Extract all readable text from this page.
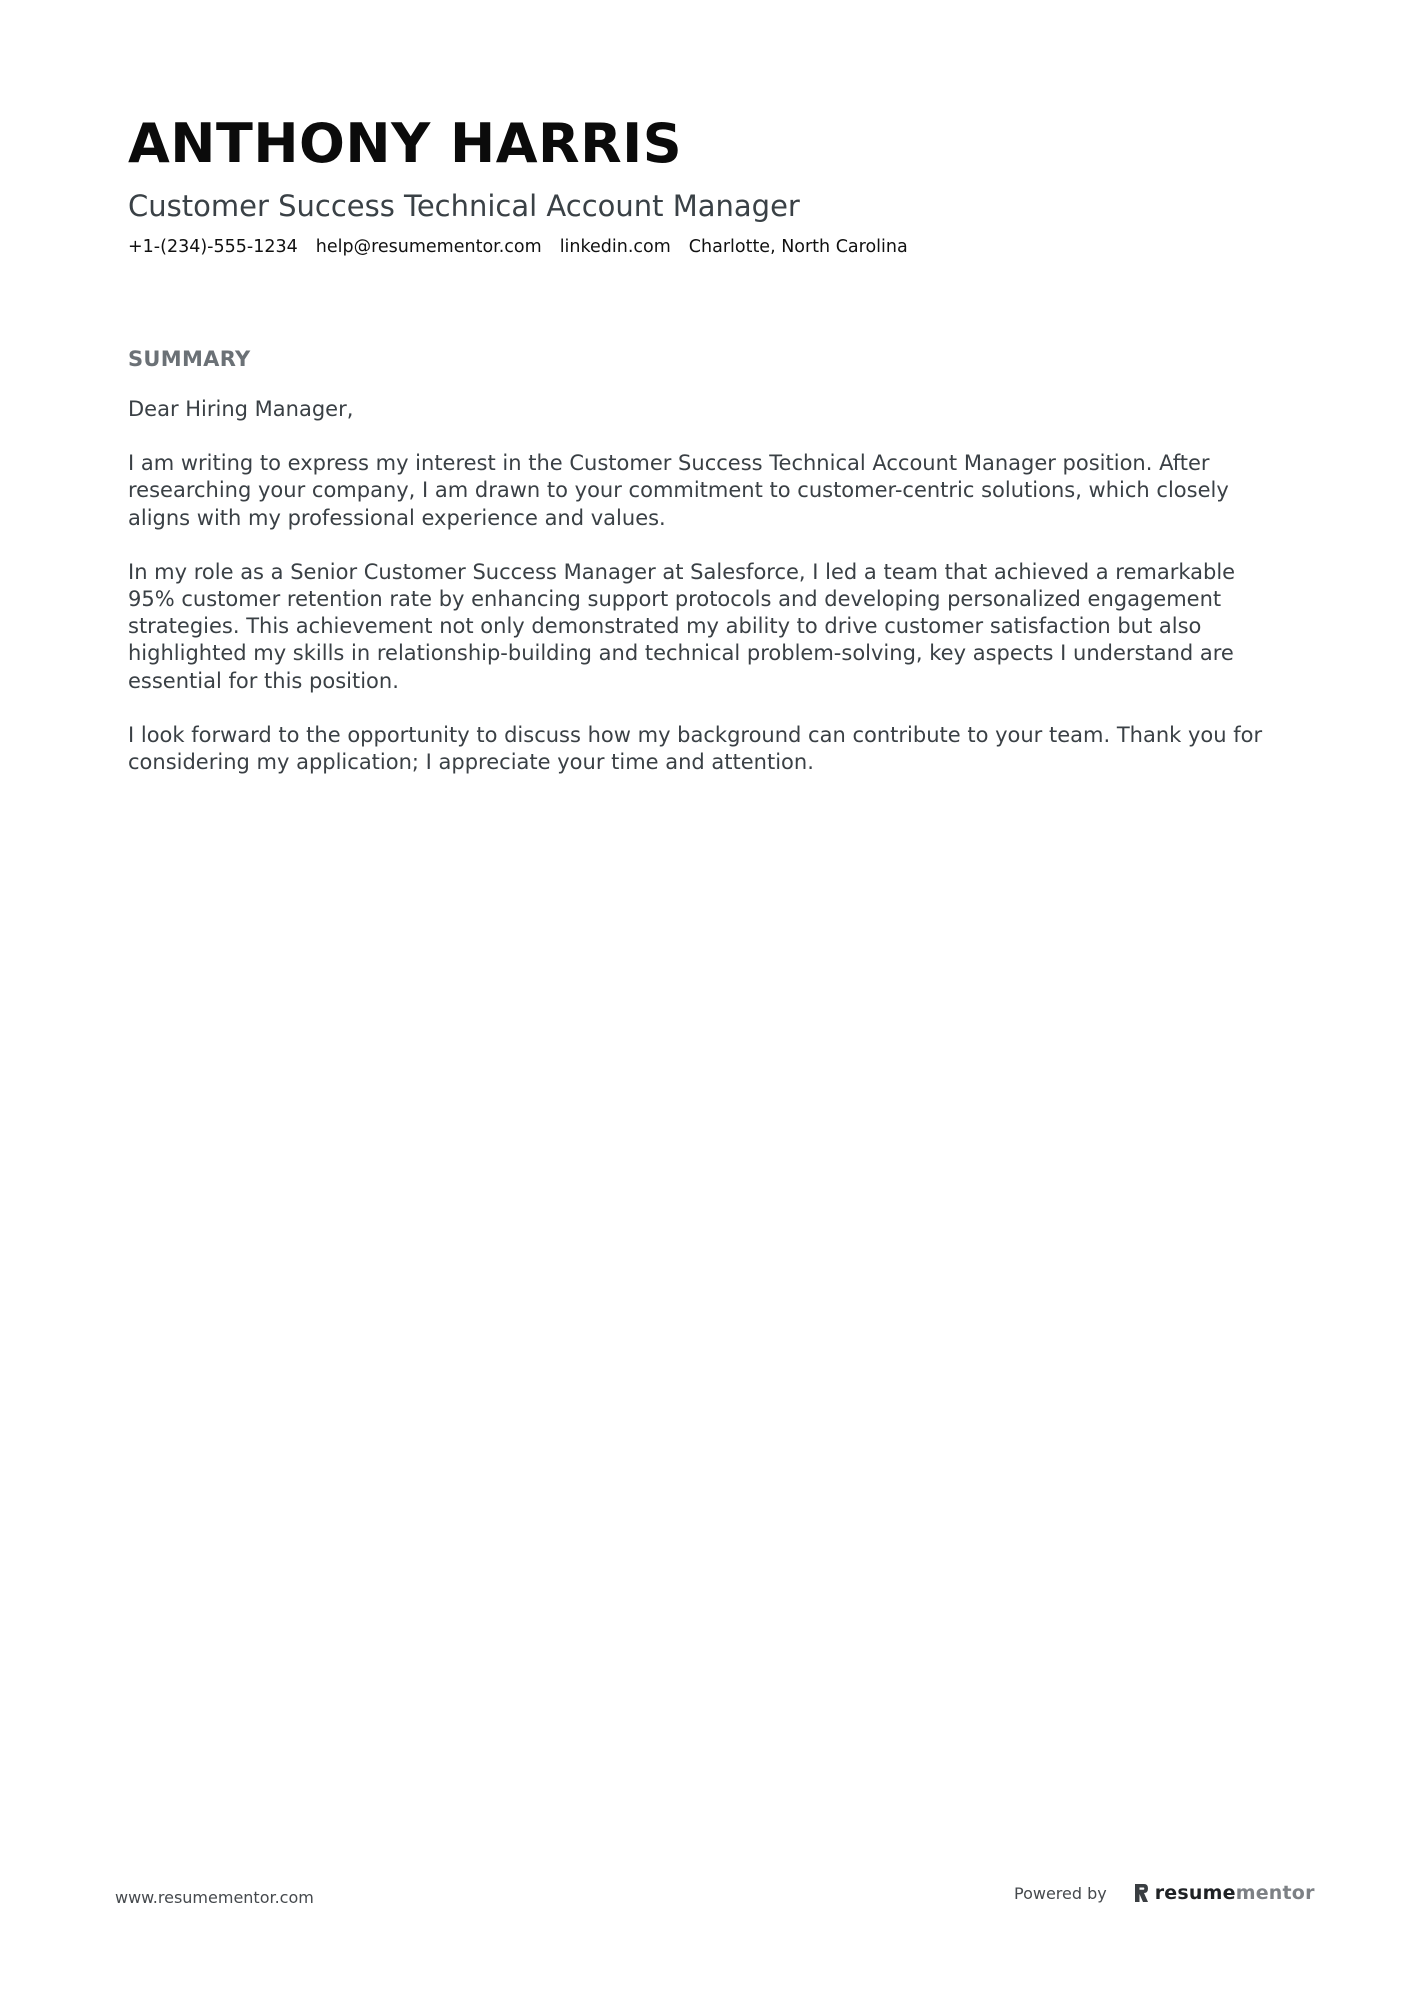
ANTHONY HARRIS
Customer Success Technical Account Manager
+1-(234)-555-1234 help@resumementor.com linkedin.com Charlotte, North Carolina
SUMMARY

Dear Hiring Manager,

I am writing to express my interest in the Customer Success Technical Account Manager position. After researching your company, I am drawn to your commitment to customer-centric solutions, which closely aligns with my professional experience and values.

In my role as a Senior Customer Success Manager at Salesforce, I led a team that achieved a remarkable 95% customer retention rate by enhancing support protocols and developing personalized engagement strategies. This achievement not only demonstrated my ability to drive customer satisfaction but also highlighted my skills in relationship-building and technical problem-solving, key aspects I understand are essential for this position.

I look forward to the opportunity to discuss how my background can contribute to your team. Thank you for considering my application; I appreciate your time and attention.

www.resumementor.com	Powered by	resumementor
